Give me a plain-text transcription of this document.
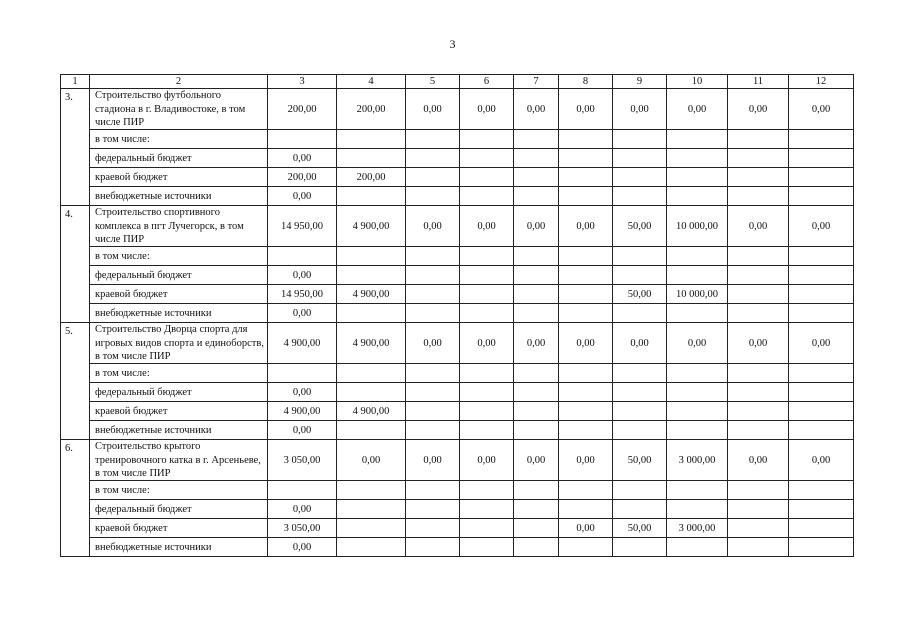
3
1	2	3	4	5	6	7	8	9	10	11	12
3.	Строительство футбольного стадиона в г. Владивостоке, в том числе ПИР	200,00	200,00	0,00	0,00	0,00	0,00	0,00	0,00	0,00	0,00
	в том числе:										
	федеральный бюджет	0,00									
	краевой бюджет	200,00	200,00								
	внебюджетные источники	0,00									
4.	Строительство спортивного комплекса в пгт Лучегорск, в том числе ПИР	14 950,00	4 900,00	0,00	0,00	0,00	0,00	50,00	10 000,00	0,00	0,00
	в том числе:										
	федеральный бюджет	0,00									
	краевой бюджет	14 950,00	4 900,00					50,00	10 000,00		
	внебюджетные источники	0,00									
5.	Строительство Дворца спорта для игровых видов спорта и единоборств, в том числе ПИР	4 900,00	4 900,00	0,00	0,00	0,00	0,00	0,00	0,00	0,00	0,00
	в том числе:										
	федеральный бюджет	0,00									
	краевой бюджет	4 900,00	4 900,00								
	внебюджетные источники	0,00									
6.	Строительство крытого тренировочного катка в г. Арсеньеве, в том числе ПИР	3 050,00	0,00	0,00	0,00	0,00	0,00	50,00	3 000,00	0,00	0,00
	в том числе:										
	федеральный бюджет	0,00									
	краевой бюджет	3 050,00					0,00	50,00	3 000,00		
	внебюджетные источники	0,00									
